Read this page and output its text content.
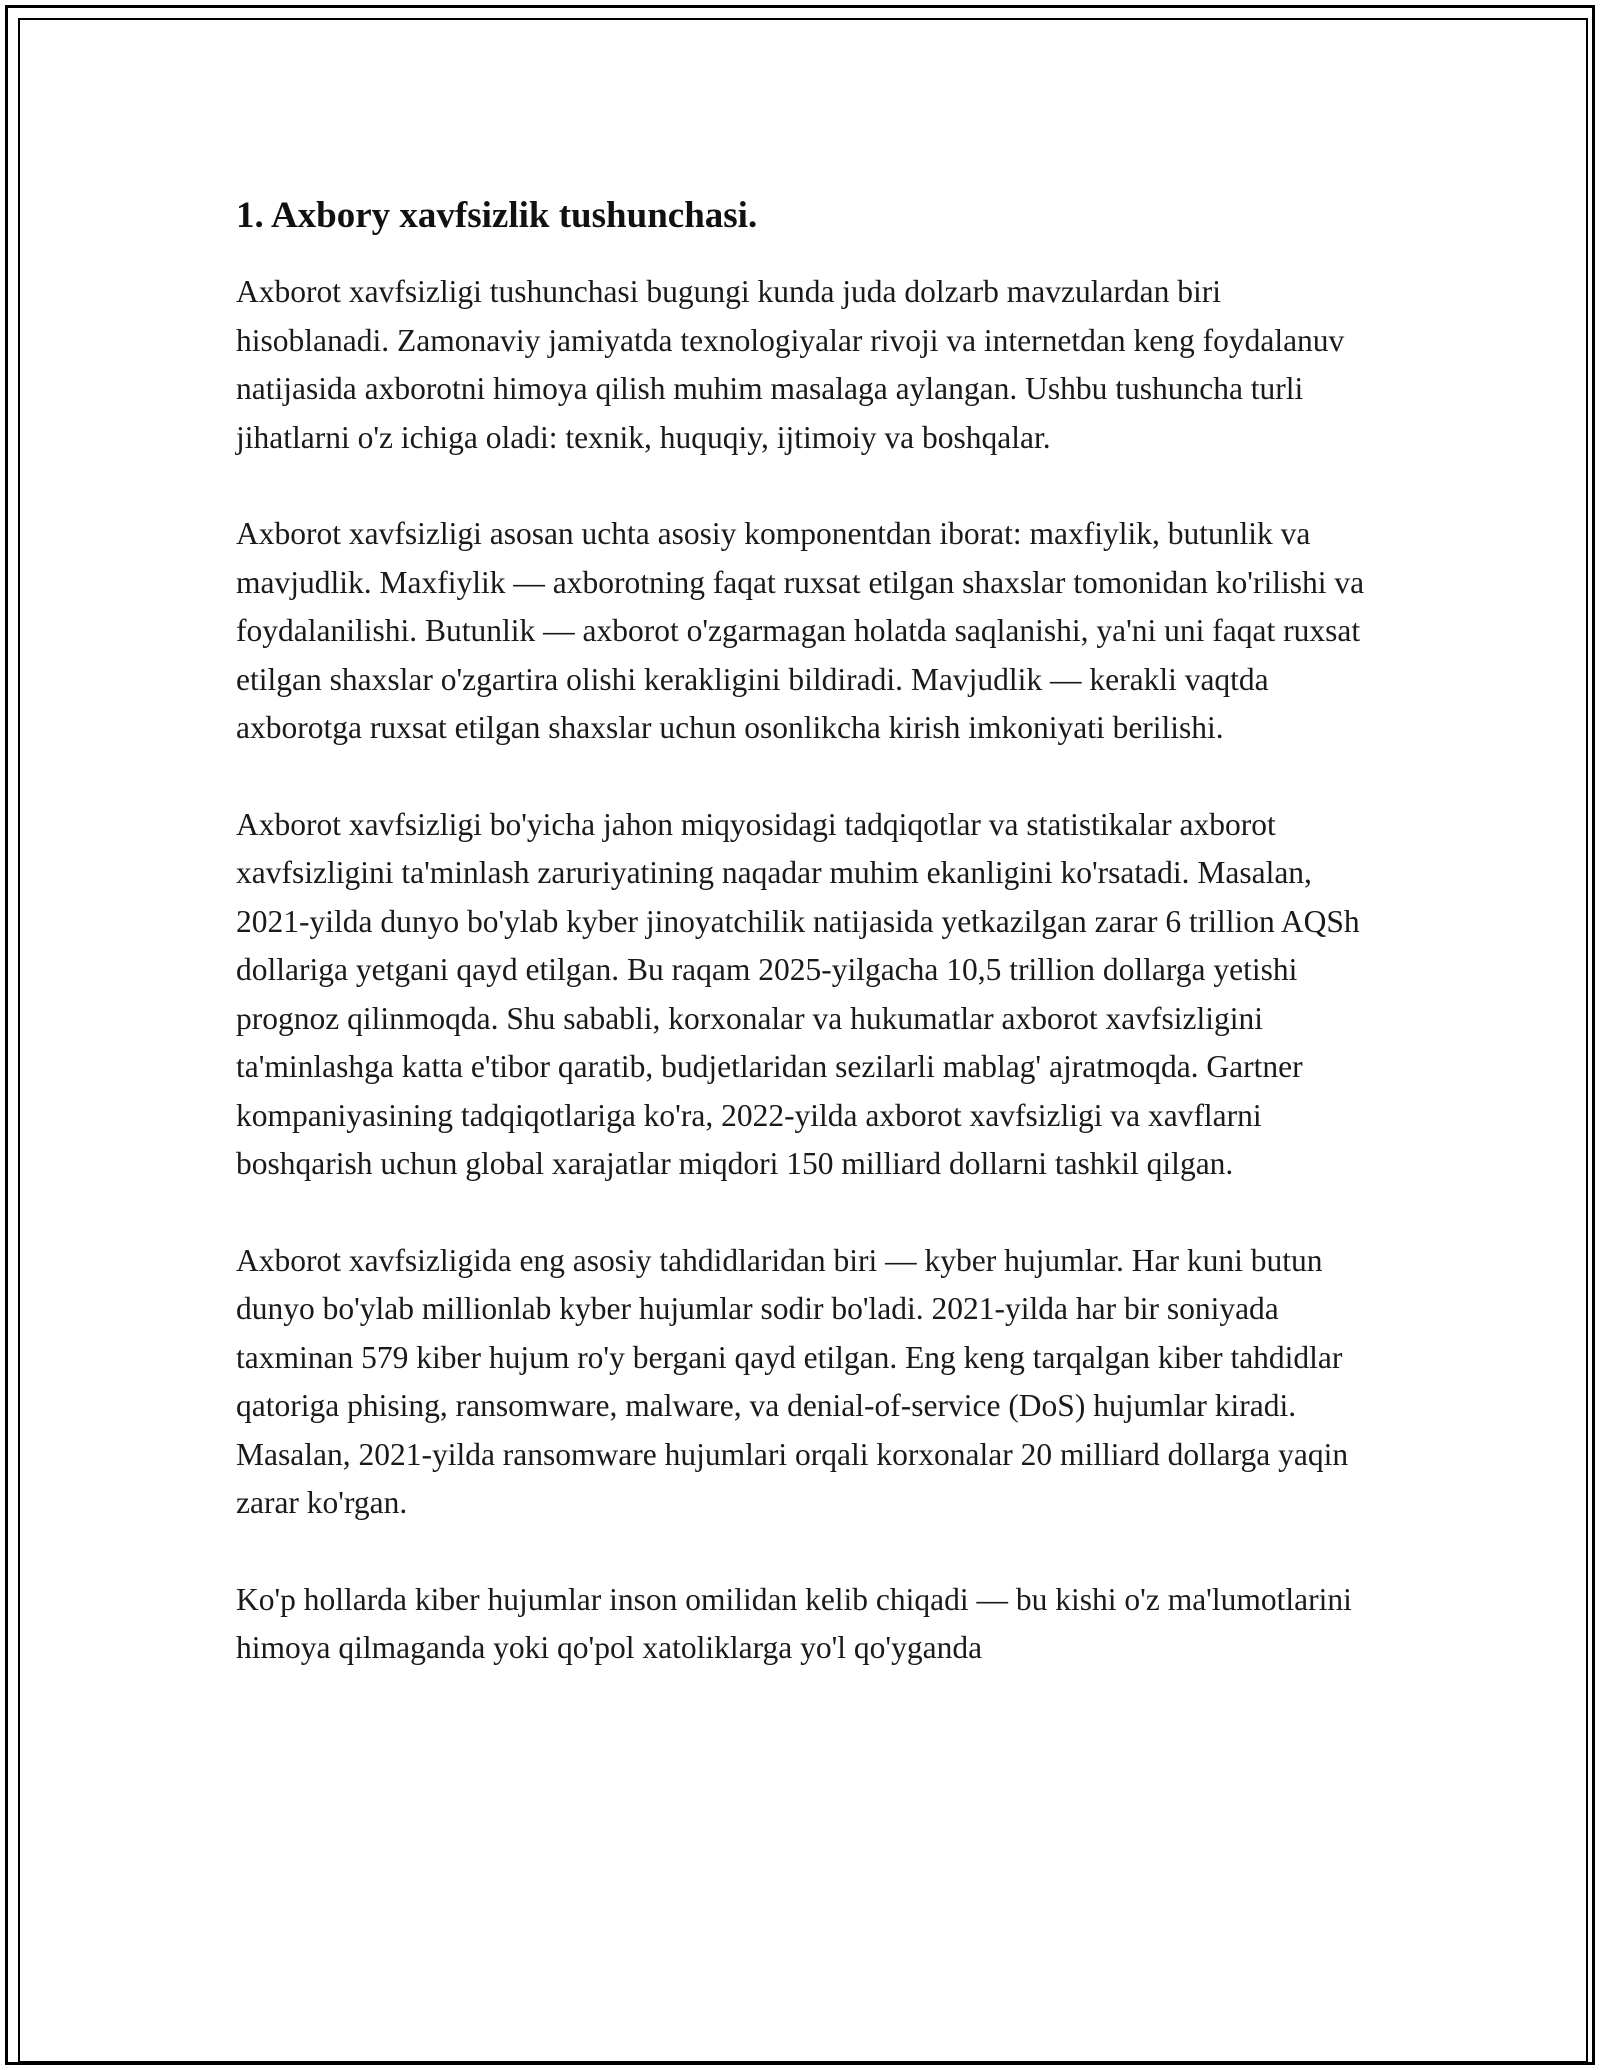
1. Axbory xavfsizlik tushunchasi.

Axborot xavfsizligi tushunchasi bugungi kunda juda dolzarb mavzulardan biri hisoblanadi. Zamonaviy jamiyatda texnologiyalar rivoji va internetdan keng foydalanuv natijasida axborotni himoya qilish muhim masalaga aylangan. Ushbu tushuncha turli jihatlarni o'z ichiga oladi: texnik, huquqiy, ijtimoiy va boshqalar.

Axborot xavfsizligi asosan uchta asosiy komponentdan iborat: maxfiylik, butunlik va mavjudlik. Maxfiylik — axborotning faqat ruxsat etilgan shaxslar tomonidan ko'rilishi va foydalanilishi. Butunlik — axborot o'zgarmagan holatda saqlanishi, ya'ni uni faqat ruxsat etilgan shaxslar o'zgartira olishi kerakligini bildiradi. Mavjudlik — kerakli vaqtda axborotga ruxsat etilgan shaxslar uchun osonlikcha kirish imkoniyati berilishi.

Axborot xavfsizligi bo'yicha jahon miqyosidagi tadqiqotlar va statistikalar axborot xavfsizligini ta'minlash zaruriyatining naqadar muhim ekanligini ko'rsatadi. Masalan, 2021-yilda dunyo bo'ylab kyber jinoyatchilik natijasida yetkazilgan zarar 6 trillion AQSh dollariga yetgani qayd etilgan. Bu raqam 2025-yilgacha 10,5 trillion dollarga yetishi prognoz qilinmoqda. Shu sababli, korxonalar va hukumatlar axborot xavfsizligini ta'minlashga katta e'tibor qaratib, budjetlaridan sezilarli mablag' ajratmoqda. Gartner kompaniyasining tadqiqotlariga ko'ra, 2022-yilda axborot xavfsizligi va xavflarni boshqarish uchun global xarajatlar miqdori 150 milliard dollarni tashkil qilgan.

Axborot xavfsizligida eng asosiy tahdidlaridan biri — kyber hujumlar. Har kuni butun dunyo bo'ylab millionlab kyber hujumlar sodir bo'ladi. 2021-yilda har bir soniyada taxminan 579 kiber hujum ro'y bergani qayd etilgan. Eng keng tarqalgan kiber tahdidlar qatoriga phising, ransomware, malware, va denial-of-service (DoS) hujumlar kiradi. Masalan, 2021-yilda ransomware hujumlari orqali korxonalar 20 milliard dollarga yaqin zarar ko'rgan.

Ko'p hollarda kiber hujumlar inson omilidan kelib chiqadi — bu kishi o'z ma'lumotlarini himoya qilmaganda yoki qo'pol xatoliklarga yo'l qo'yganda
